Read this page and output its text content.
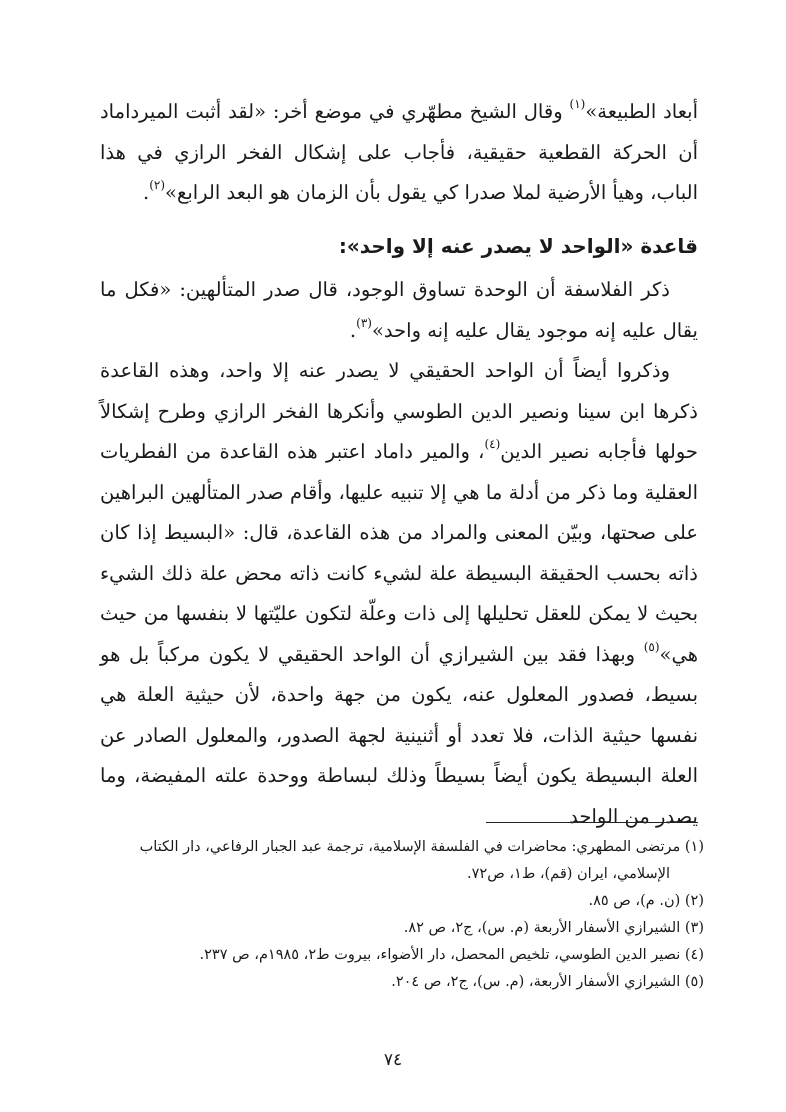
أبعاد الطبيعة»$^{(١)}$ وقال الشيخ مطهّري في موضع أخر: «لقد أثبت الميرداماد أن الحركة القطعية حقيقية، فأجاب على إشكال الفخر الرازي في هذا الباب، وهيأ الأرضية لملا صدرا كي يقول بأن الزمان هو البعد الرابع»$^{(٢)}$.

قاعدة «الواحد لا يصدر عنه إلا واحد»:

ذكر الفلاسفة أن الوحدة تساوق الوجود، قال صدر المتألهين: «فكل ما يقال عليه إنه موجود يقال عليه إنه واحد»$^{(٣)}$.

وذكروا أيضاً أن الواحد الحقيقي لا يصدر عنه إلا واحد، وهذه القاعدة ذكرها ابن سينا ونصير الدين الطوسي وأنكرها الفخر الرازي وطرح إشكالاً حولها فأجابه نصير الدين$^{(٤)}$، والمير داماد اعتبر هذه القاعدة من الفطريات العقلية وما ذكر من أدلة ما هي إلا تنبيه عليها، وأقام صدر المتألهين البراهين على صحتها، وبيّن المعنى والمراد من هذه القاعدة، قال: «البسيط إذا كان ذاته بحسب الحقيقة البسيطة علة لشيء كانت ذاته محض علة ذلك الشيء بحيث لا يمكن للعقل تحليلها إلى ذات وعلّة لتكون عليّتها لا بنفسها من حيث هي»$^{(٥)}$ وبهذا فقد بين الشيرازي أن الواحد الحقيقي لا يكون مركباً بل هو بسيط، فصدور المعلول عنه، يكون من جهة واحدة، لأن حيثية العلة هي نفسها حيثية الذات، فلا تعدد أو أثنينية لجهة الصدور، والمعلول الصادر عن العلة البسيطة يكون أيضاً بسيطاً وذلك لبساطة ووحدة علته المفيضة، وما يصدر من الواحد

(١) مرتضى المطهري: محاضرات في الفلسفة الإسلامية، ترجمة عبد الجبار الرفاعي، دار الكتاب الإسلامي، ايران (قم)، ط١، ص٧٢.

(٢) (ن. م)، ص ٨٥.

(٣) الشيرازي الأسفار الأربعة (م. س)، ج٢، ص ٨٢.

(٤) نصير الدين الطوسي، تلخيص المحصل، دار الأضواء، بيروت ط٢، ١٩٨٥م، ص ٢٣٧.

(٥) الشيرازي الأسفار الأربعة، (م. س)، ج٢، ص ٢٠٤.

٧٤
